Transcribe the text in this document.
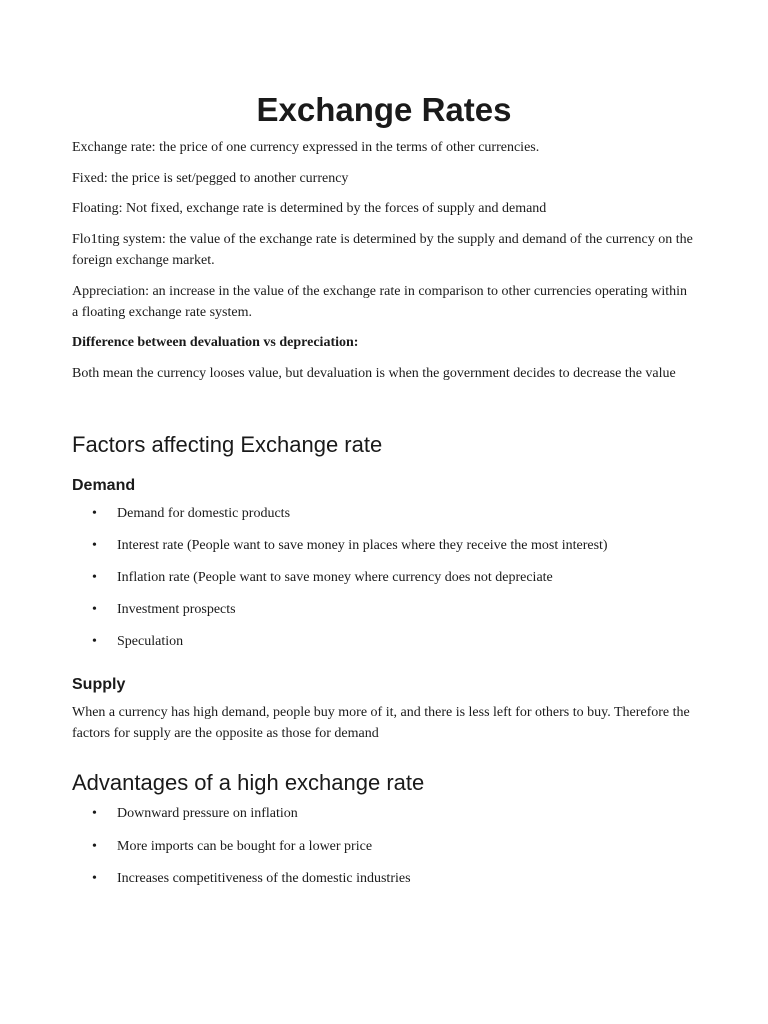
Exchange Rates

Exchange rate: the price of one currency expressed in the terms of other currencies.

Fixed: the price is set/pegged to another currency

Floating: Not fixed, exchange rate is determined by the forces of supply and demand

Flo1ting system: the value of the exchange rate is determined by the supply and demand of the currency on the foreign exchange market.

Appreciation: an increase in the value of the exchange rate in comparison to other currencies operating within a floating exchange rate system.

Difference between devaluation vs depreciation:

Both mean the currency looses value, but devaluation is when the government decides to decrease the value

Factors affecting Exchange rate
Demand
• Demand for domestic products
• Interest rate (People want to save money in places where they receive the most interest)
• Inflation rate (People want to save money where currency does not depreciate
• Investment prospects
• Speculation
Supply

When a currency has high demand, people buy more of it, and there is less left for others to buy. Therefore the factors for supply are the opposite as those for demand

Advantages of a high exchange rate
• Downward pressure on inflation
• More imports can be bought for a lower price
• Increases competitiveness of the domestic industries
